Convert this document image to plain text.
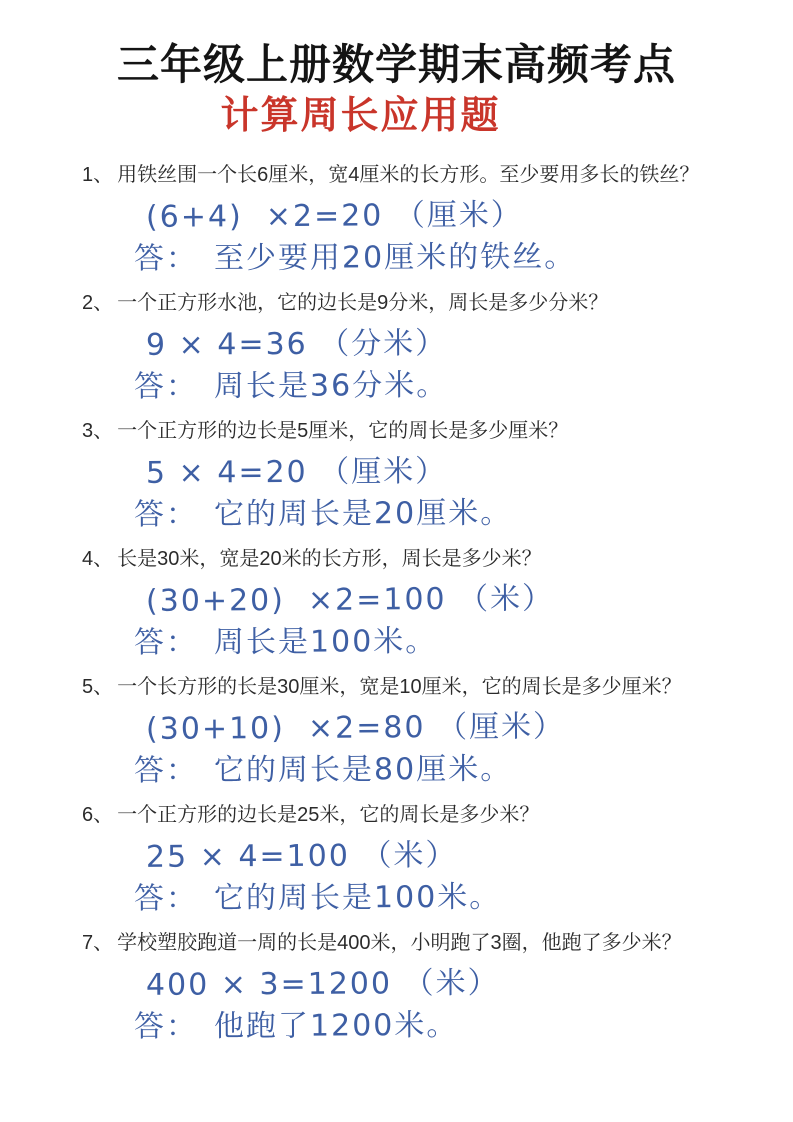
三年级上册数学期末高频考点
计算周长应用题

1、 用铁丝围一个长6厘米，宽4厘米的长方形。至少要用多长的铁丝？

(6+4)  ×2=20 （厘米）

答： 至少要用20厘米的铁丝。

2、 一个正方形水池，它的边长是9分米，周长是多少分米？

9 × 4=36 （分米）

答： 周长是36分米。

3、 一个正方形的边长是5厘米，它的周长是多少厘米？

5 × 4=20 （厘米）

答： 它的周长是20厘米。

4、 长是30米，宽是20米的长方形，周长是多少米？

(30+20)  ×2=100 （米）

答： 周长是100米。

5、 一个长方形的长是30厘米，宽是10厘米，它的周长是多少厘米？

(30+10)  ×2=80 （厘米）

答： 它的周长是80厘米。

6、 一个正方形的边长是25米，它的周长是多少米？

25 × 4=100 （米）

答： 它的周长是100米。

7、 学校塑胶跑道一周的长是400米，小明跑了3圈，他跑了多少米？

400 × 3=1200 （米）

答： 他跑了1200米。
